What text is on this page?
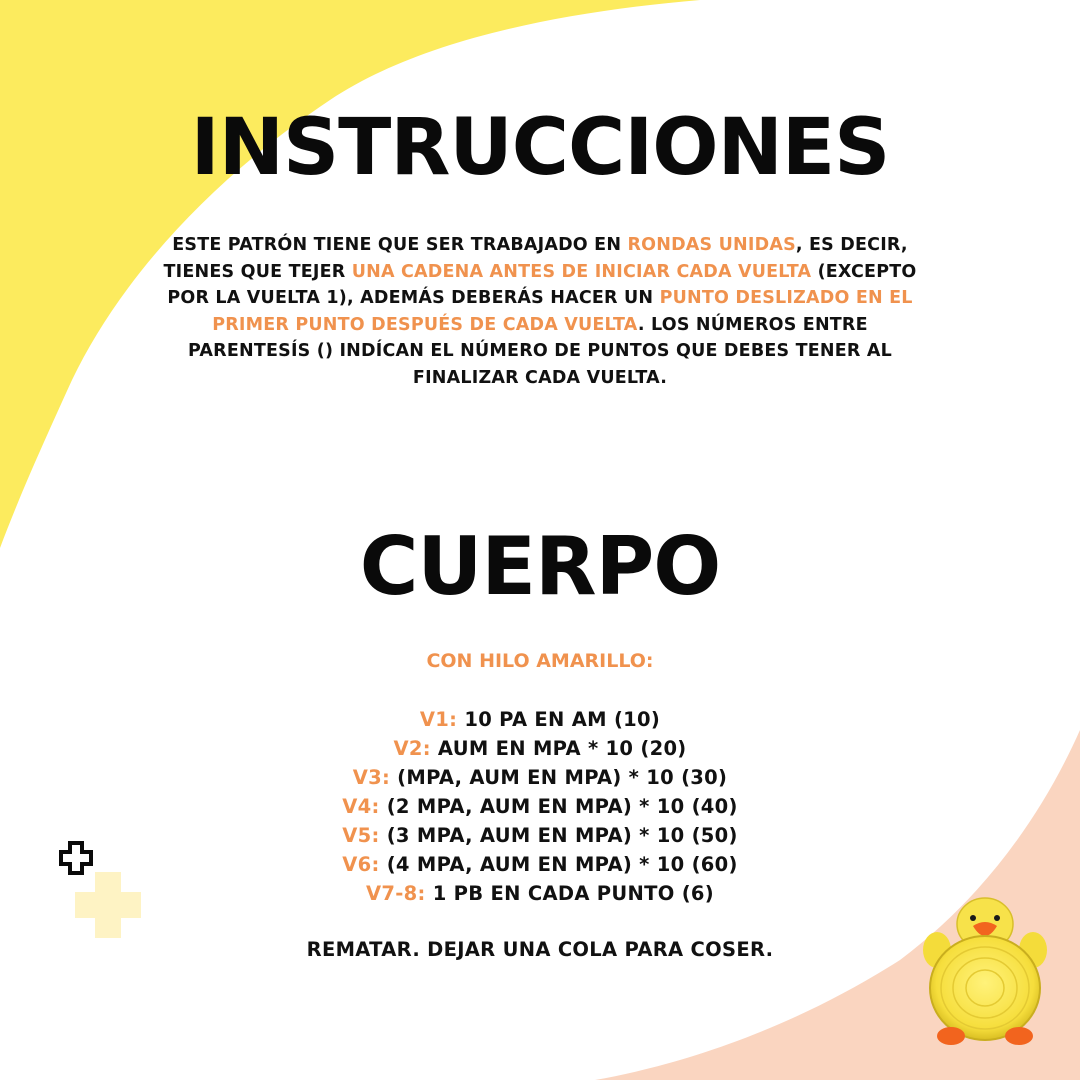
INSTRUCCIONES

ESTE PATRÓN TIENE QUE SER TRABAJADO EN RONDAS UNIDAS, ES DECIR, TIENES QUE TEJER UNA CADENA ANTES DE INICIAR CADA VUELTA (EXCEPTO POR LA VUELTA 1), ADEMÁS DEBERÁS HACER UN PUNTO DESLIZADO EN EL PRIMER PUNTO DESPUÉS DE CADA VUELTA. LOS NÚMEROS ENTRE PARENTESÍS () INDÍCAN EL NÚMERO DE PUNTOS QUE DEBES TENER AL FINALIZAR CADA VUELTA.

CUERPO

CON HILO AMARILLO:

V1: 10 PA EN AM (10)
V2: AUM EN MPA * 10 (20)
V3: (MPA, AUM EN MPA) * 10 (30)
V4: (2 MPA, AUM EN MPA) * 10 (40)
V5: (3 MPA, AUM EN MPA) * 10 (50)
V6: (4 MPA, AUM EN MPA) * 10 (60)
V7-8: 1 PB EN CADA PUNTO (6)

REMATAR. DEJAR UNA COLA PARA COSER.
